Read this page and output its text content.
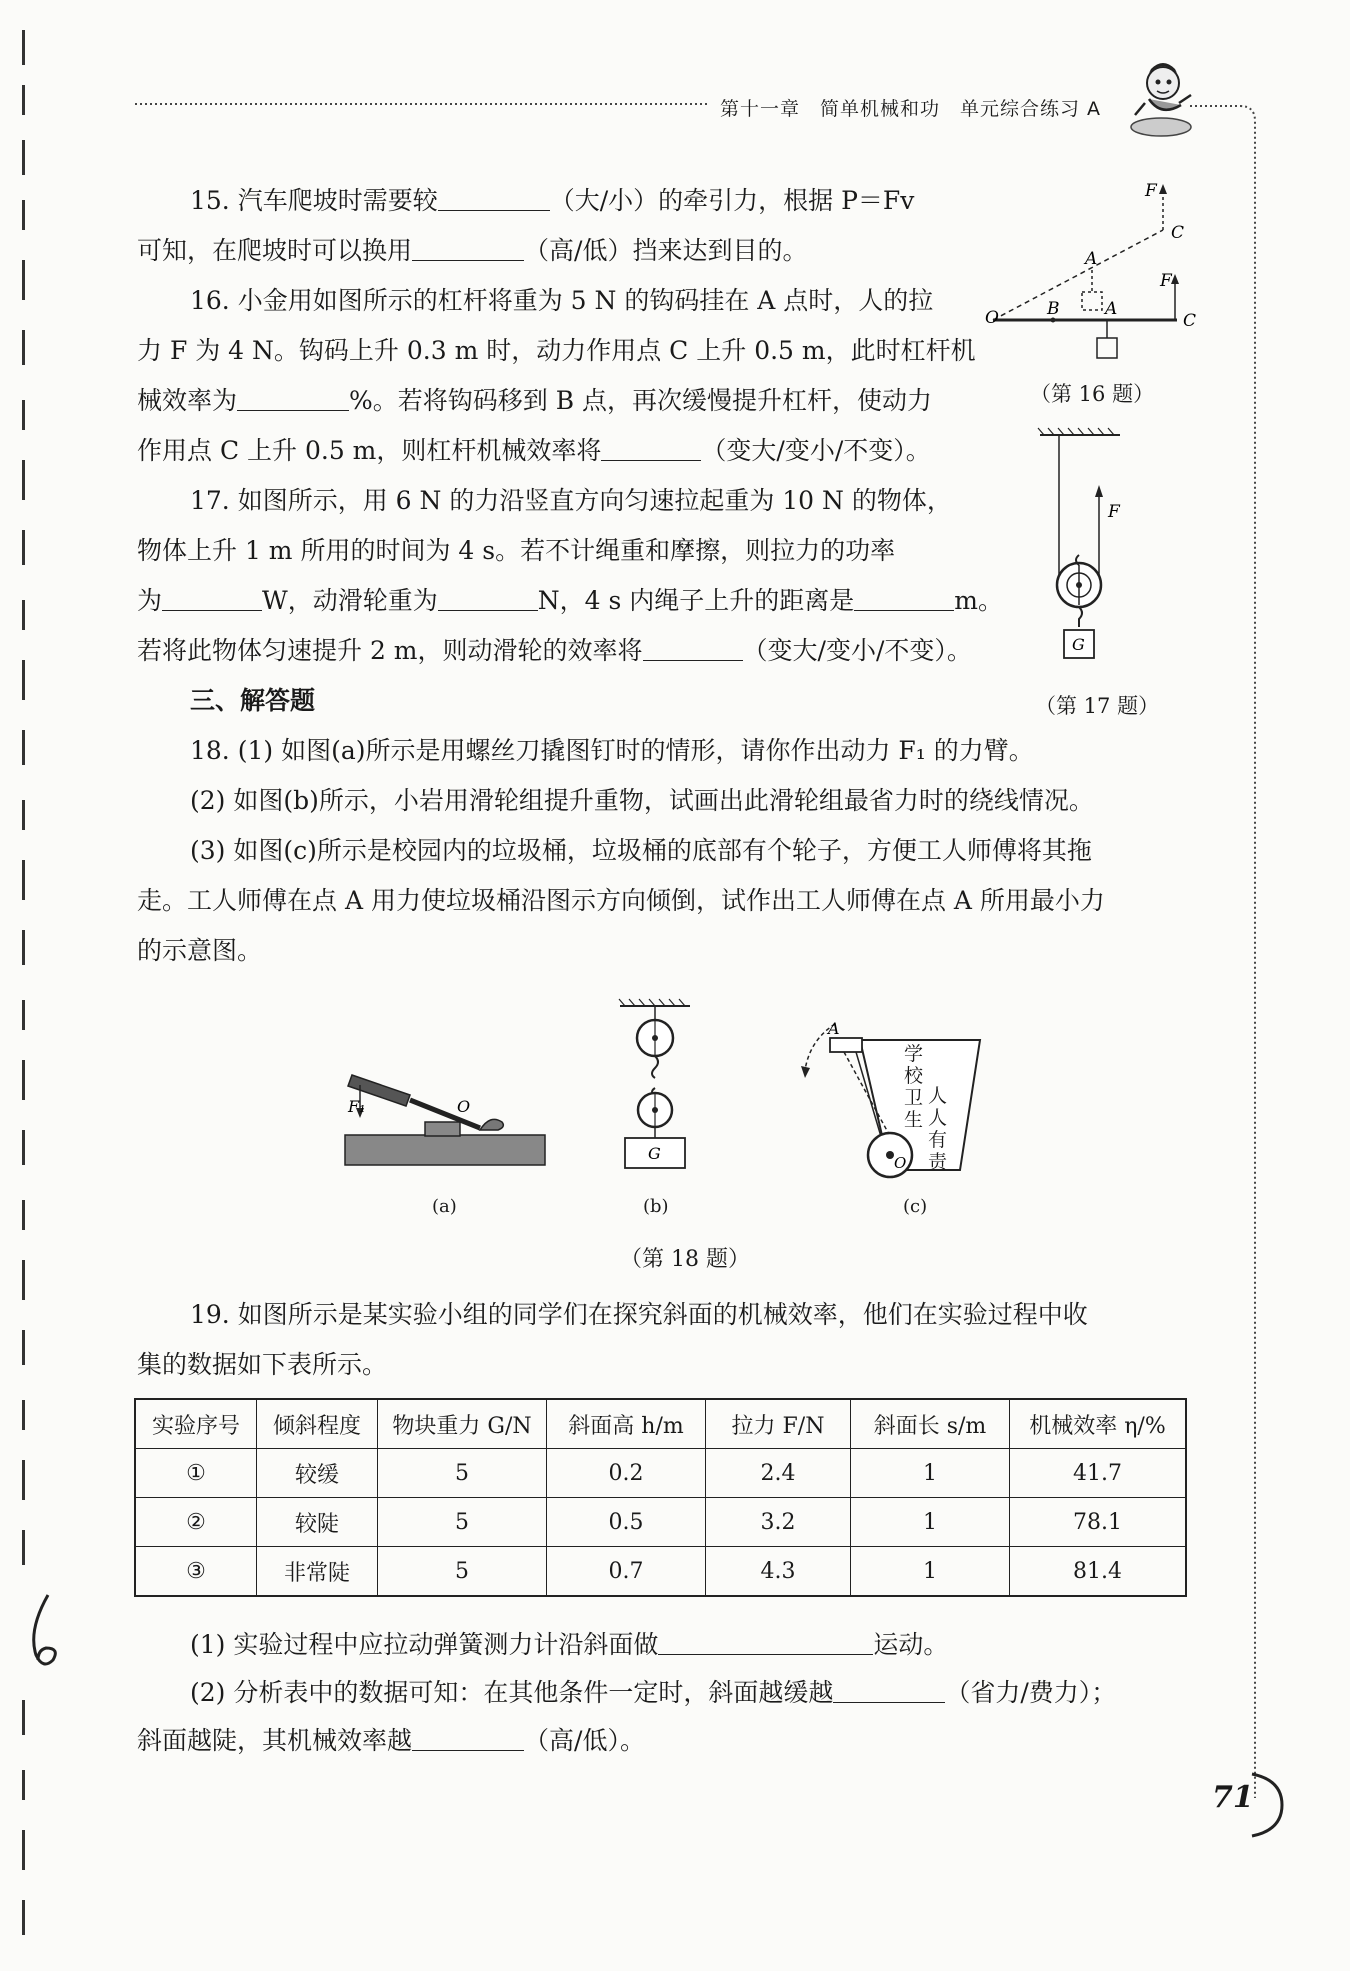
第十一章　简单机械和功　单元综合练习 A
15. 汽车爬坡时需要较	（大/小）的牵引力，根据 P＝Fv
可知，在爬坡时可以换用	（高/低）挡来达到目的。
16. 小金用如图所示的杠杆将重为 5 N 的钩码挂在 A 点时，人的拉
力 F 为 4 N。钩码上升 0.3 m 时，动力作用点 C 上升 0.5 m，此时杠杆机
械效率为	%。若将钩码移到 B 点，再次缓慢提升杠杆，使动力
作用点 C 上升 0.5 m，则杠杆机械效率将	（变大/变小/不变）。
O	B	A
C
A
C
F
F
（第 16 题）
17. 如图所示，用 6 N 的力沿竖直方向匀速拉起重为 10 N 的物体，
物体上升 1 m 所用的时间为 4 s。若不计绳重和摩擦，则拉力的功率
为	W，动滑轮重为	N，4 s 内绳子上升的距离是	m。
若将此物体匀速提升 2 m，则动滑轮的效率将	（变大/变小/不变）。
F
G
（第 17 题）
三、解答题
18. (1) 如图(a)所示是用螺丝刀撬图钉时的情形，请你作出动力 F₁ 的力臂。
(2) 如图(b)所示，小岩用滑轮组提升重物，试画出此滑轮组最省力时的绕线情况。
(3) 如图(c)所示是校园内的垃圾桶，垃圾桶的底部有个轮子，方便工人师傅将其拖
走。工人师傅在点 A 用力使垃圾桶沿图示方向倾倒，试作出工人师傅在点 A 所用最小力
的示意图。
F₁	O
(a)
G
(b)
A
O
学校卫生
人人有责
(c)
（第 18 题）
19. 如图所示是某实验小组的同学们在探究斜面的机械效率，他们在实验过程中收
集的数据如下表所示。
实验序号	倾斜程度	物块重力 G/N	斜面高 h/m	拉力 F/N	斜面长 s/m	机械效率 η/%
①	较缓	5	0.2	2.4	1	41.7
②	较陡	5	0.5	3.2	1	78.1
③	非常陡	5	0.7	4.3	1	81.4
(1) 实验过程中应拉动弹簧测力计沿斜面做	运动。
(2) 分析表中的数据可知：在其他条件一定时，斜面越缓越	（省力/费力）；
斜面越陡，其机械效率越	（高/低）。
71
